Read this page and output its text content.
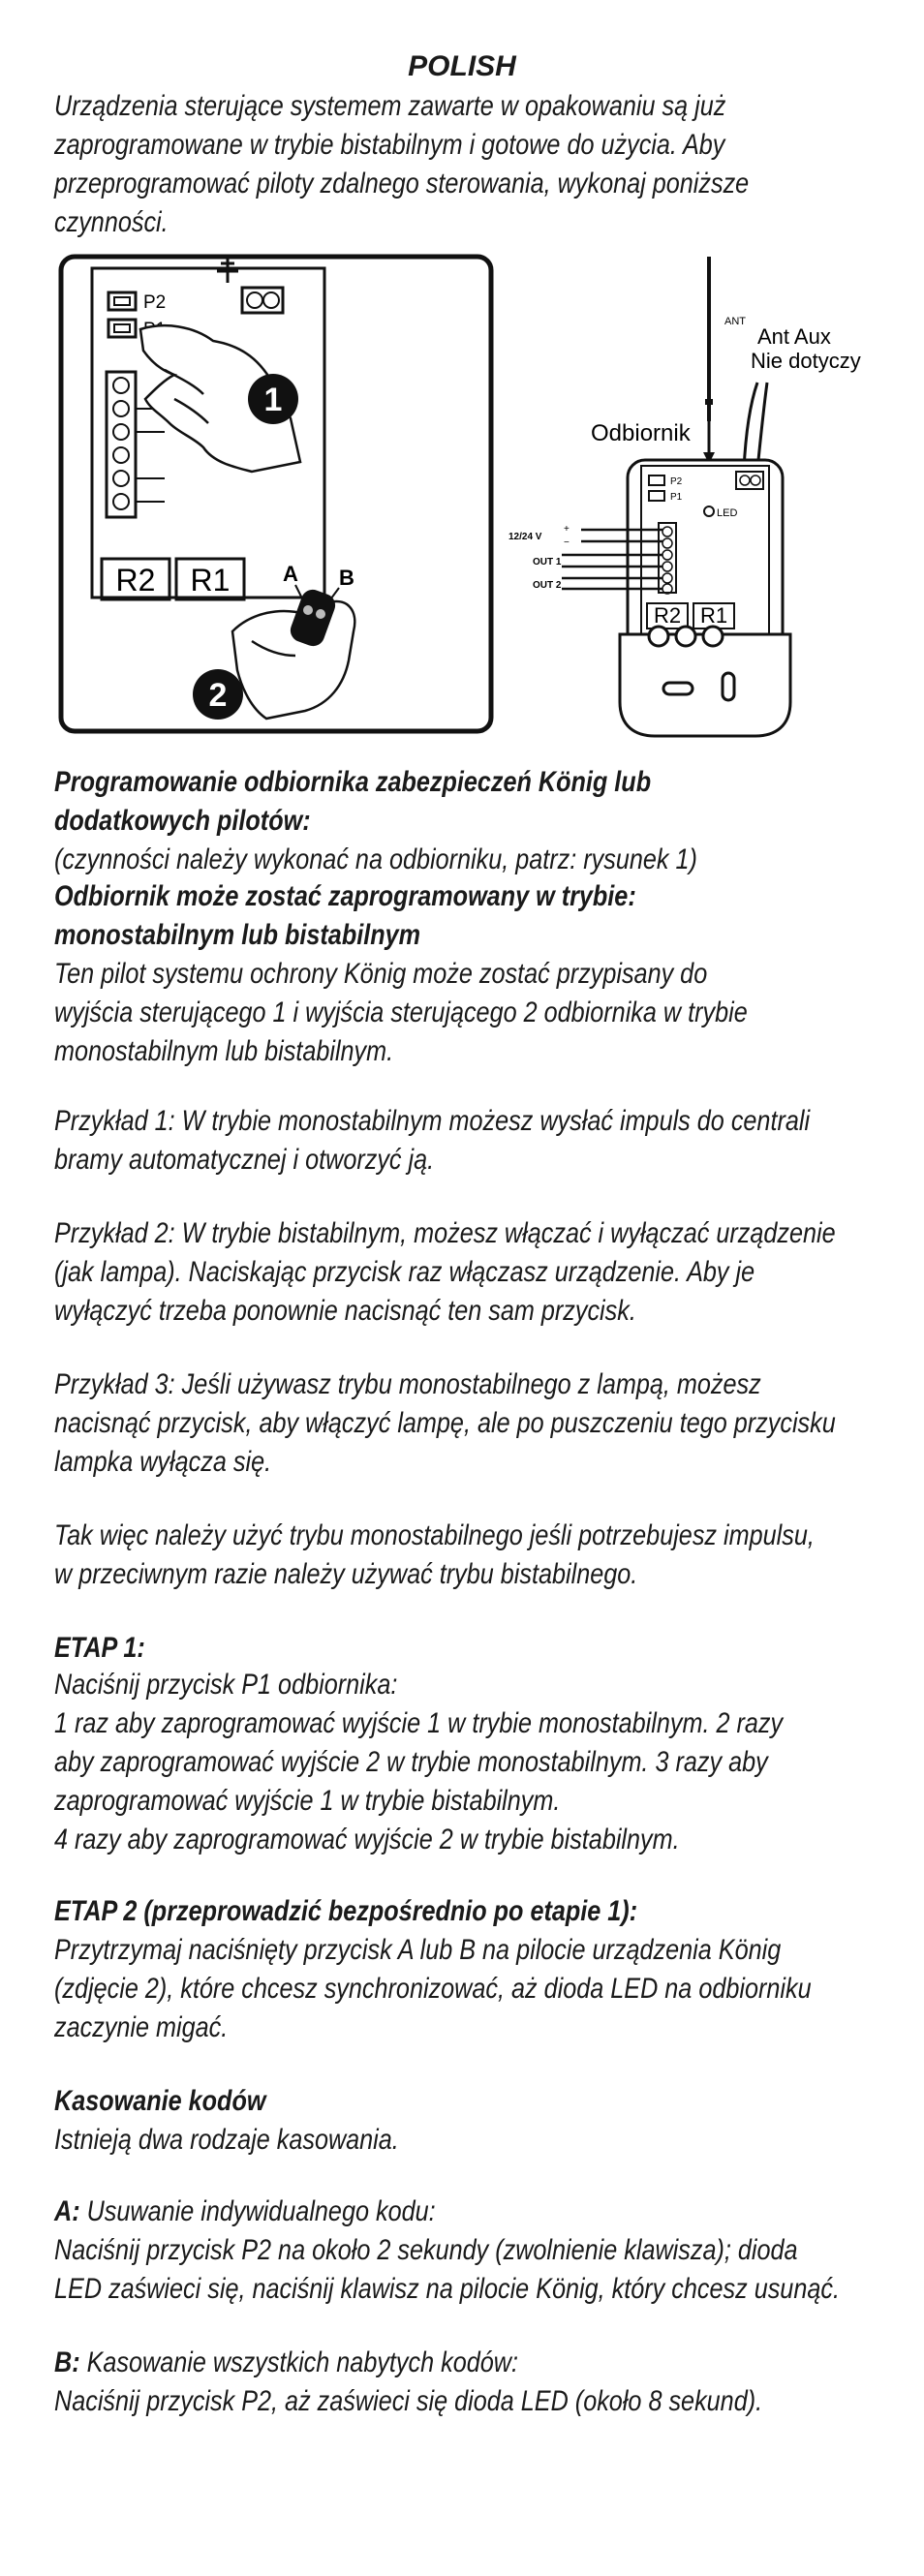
POLISH
Urządzenia sterujące systemem zawarte w opakowaniu są już
zaprogramowane w trybie bistabilnym i gotowe do użycia. Aby
przeprogramować piloty zdalnego sterowania, wykonaj poniższe
czynności.
P2
1
R2 R1 A B
2
ANT
Ant Aux
Nie dotyczy
Odbiornik
P2
P1
LED
R2 R1
12/24 V
+
−
OUT 1
OUT 2
Programowanie odbiornika zabezpieczeń König lub
dodatkowych pilotów:
(czynności należy wykonać na odbiorniku, patrz: rysunek 1)
Odbiornik może zostać zaprogramowany w trybie:
monostabilnym lub bistabilnym
Ten pilot systemu ochrony König może zostać przypisany do
wyjścia sterującego 1 i wyjścia sterującego 2 odbiornika w trybie
monostabilnym lub bistabilnym.
Przykład 1: W trybie monostabilnym możesz wysłać impuls do centrali
bramy automatycznej i otworzyć ją.
Przykład 2: W trybie bistabilnym, możesz włączać i wyłączać urządzenie
(jak lampa). Naciskając przycisk raz włączasz urządzenie. Aby je
wyłączyć trzeba ponownie nacisnąć ten sam przycisk.
Przykład 3: Jeśli używasz trybu monostabilnego z lampą, możesz
nacisnąć przycisk, aby włączyć lampę, ale po puszczeniu tego przycisku
lampka wyłącza się.
Tak więc należy użyć trybu monostabilnego jeśli potrzebujesz impulsu,
w przeciwnym razie należy używać trybu bistabilnego.
ETAP 1:
Naciśnij przycisk P1 odbiornika:
1 raz aby zaprogramować wyjście 1 w trybie monostabilnym. 2 razy
aby zaprogramować wyjście 2 w trybie monostabilnym. 3 razy aby
zaprogramować wyjście 1 w trybie bistabilnym.
4 razy aby zaprogramować wyjście 2 w trybie bistabilnym.
ETAP 2 (przeprowadzić bezpośrednio po etapie 1):
Przytrzymaj naciśnięty przycisk A lub B na pilocie urządzenia König
(zdjęcie 2), które chcesz synchronizować, aż dioda LED na odbiorniku
zaczynie migać.
Kasowanie kodów
Istnieją dwa rodzaje kasowania.
A: Usuwanie indywidualnego kodu:
Naciśnij przycisk P2 na około 2 sekundy (zwolnienie klawisza); dioda
LED zaświeci się, naciśnij klawisz na pilocie König, który chcesz usunąć.
B: Kasowanie wszystkich nabytych kodów:
Naciśnij przycisk P2, aż zaświeci się dioda LED (około 8 sekund).
